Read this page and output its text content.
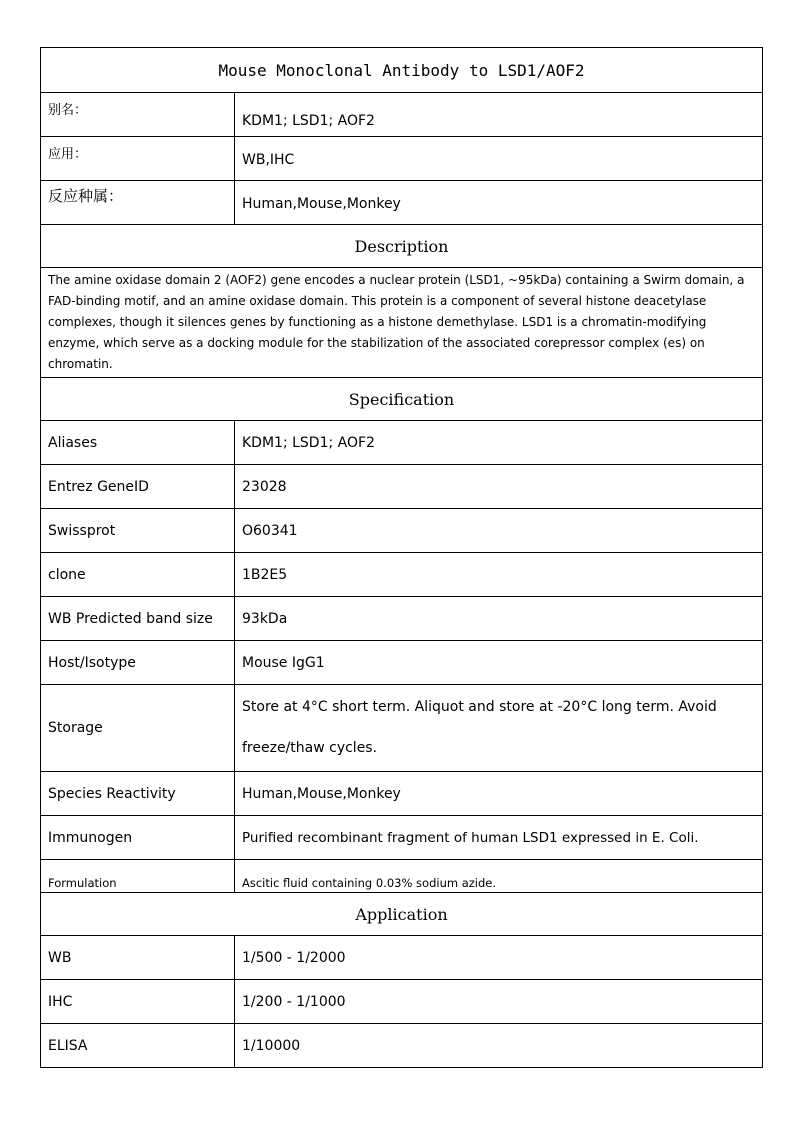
Mouse Monoclonal Antibody to LSD1/AOF2	
别名：	KDM1; LSD1; AOF2
应用：	WB,IHC
反应种属：	Human,Mouse,Monkey
Description	
The amine oxidase domain 2 (AOF2) gene encodes a nuclear protein (LSD1, ~95kDa) containing a Swirm domain, a FAD-binding motif, and an amine oxidase domain. This protein is a component of several histone deacetylase complexes, though it silences genes by functioning as a histone demethylase. LSD1 is a chromatin-modifying enzyme, which serve as a docking module for the stabilization of the associated corepressor complex (es) on chromatin.	
Specification	
Aliases	KDM1; LSD1; AOF2
Entrez GeneID	23028
Swissprot	O60341
clone	1B2E5
WB Predicted band size	93kDa
Host/Isotype	Mouse IgG1
Storage	Store at 4°C short term. Aliquot and store at -20°C long term. Avoid freeze/thaw cycles.
Species Reactivity	Human,Mouse,Monkey
Immunogen	Purified recombinant fragment of human LSD1 expressed in E. Coli.
Formulation	Ascitic fluid containing 0.03% sodium azide.
Application	
WB	1/500 - 1/2000
IHC	1/200 - 1/1000
ELISA	1/10000
